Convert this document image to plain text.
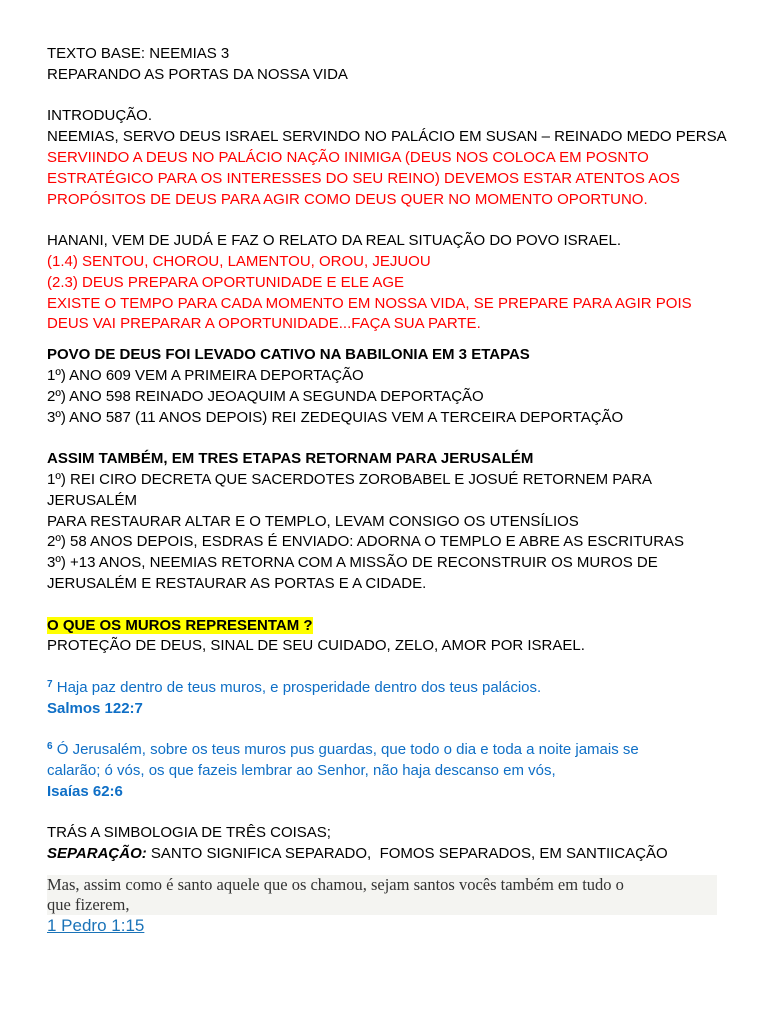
TEXTO BASE: NEEMIAS 3

REPARANDO AS PORTAS DA NOSSA VIDA

INTRODUÇÃO.

NEEMIAS, SERVO DEUS ISRAEL SERVINDO NO PALÁCIO EM SUSAN – REINADO MEDO PERSA

SERVIINDO A DEUS NO PALÁCIO NAÇÃO INIMIGA (DEUS NOS COLOCA EM POSNTO

ESTRATÉGICO PARA OS INTERESSES DO SEU REINO) DEVEMOS ESTAR ATENTOS AOS

PROPÓSITOS DE DEUS PARA AGIR COMO DEUS QUER NO MOMENTO OPORTUNO.

HANANI, VEM DE JUDÁ E FAZ O RELATO DA REAL SITUAÇÃO DO POVO ISRAEL.

(1.4) SENTOU, CHOROU, LAMENTOU, OROU, JEJUOU

(2.3) DEUS PREPARA OPORTUNIDADE E ELE AGE

EXISTE O TEMPO PARA CADA MOMENTO EM NOSSA VIDA, SE PREPARE PARA AGIR POIS

DEUS VAI PREPARAR A OPORTUNIDADE...FAÇA SUA PARTE.

POVO DE DEUS FOI LEVADO CATIVO NA BABILONIA EM 3 ETAPAS

1º) ANO 609 VEM A PRIMEIRA DEPORTAÇÃO

2º) ANO 598 REINADO JEOAQUIM A SEGUNDA DEPORTAÇÃO

3º) ANO 587 (11 ANOS DEPOIS) REI ZEDEQUIAS VEM A TERCEIRA DEPORTAÇÃO

ASSIM TAMBÉM, EM TRES ETAPAS RETORNAM PARA JERUSALÉM

1º) REI CIRO DECRETA QUE SACERDOTES ZOROBABEL E JOSUÉ RETORNEM PARA JERUSALÉM

PARA RESTAURAR ALTAR E O TEMPLO, LEVAM CONSIGO OS UTENSÍLIOS

2º) 58 ANOS DEPOIS, ESDRAS É ENVIADO: ADORNA O TEMPLO E ABRE AS ESCRITURAS

3º) +13 ANOS, NEEMIAS RETORNA COM A MISSÃO DE RECONSTRUIR OS MUROS DE

JERUSALÉM E RESTAURAR AS PORTAS E A CIDADE.

O QUE OS MUROS REPRESENTAM ?

PROTEÇÃO DE DEUS, SINAL DE SEU CUIDADO, ZELO, AMOR POR ISRAEL.

$^7$ Haja paz dentro de teus muros, e prosperidade dentro dos teus palácios.

Salmos 122:7

$^6$ Ó Jerusalém, sobre os teus muros pus guardas, que todo o dia e toda a noite jamais se

calarão; ó vós, os que fazeis lembrar ao Senhor, não haja descanso em vós,

Isaías 62:6

TRÁS A SIMBOLOGIA DE TRÊS COISAS;

SEPARAÇÃO: SANTO SIGNIFICA SEPARADO,  FOMOS SEPARADOS, EM SANTIICAÇÃO

Mas, assim como é santo aquele que os chamou, sejam santos vocês também em tudo o

que fizerem,

1 Pedro 1:15
